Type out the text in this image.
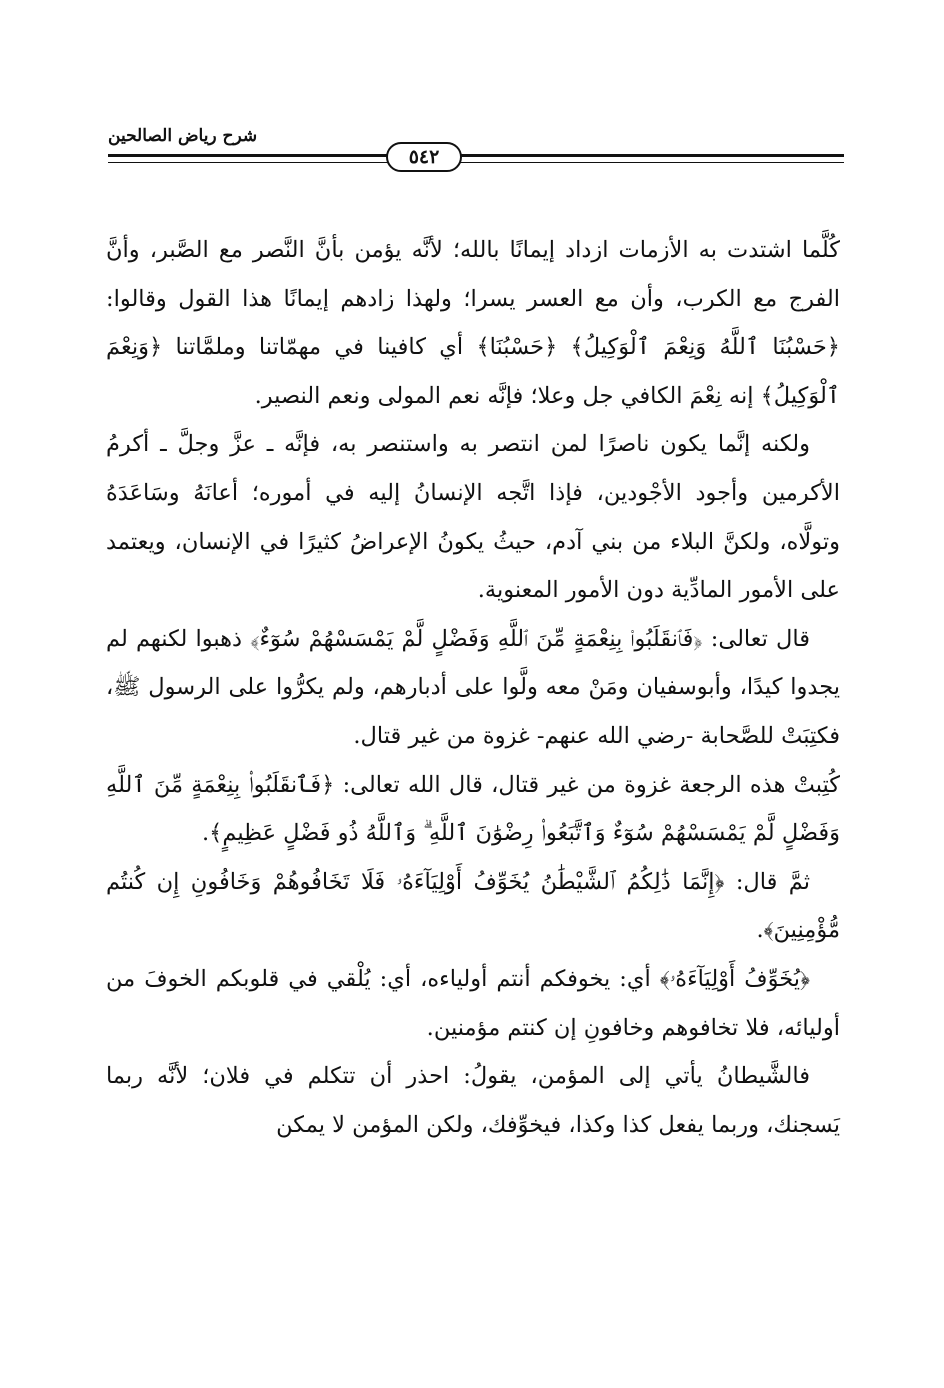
شرح رياض الصالحين
٥٤٢

كُلَّما اشتدت به الأزمات ازداد إيمانًا بالله؛ لأنَّه يؤمن بأنَّ النَّصر مع الصَّبر، وأنَّ الفرج مع الكرب، وأن مع العسر يسرا؛ ولهذا زادهم إيمانًا هذا القول وقالوا: ﴿حَسْبُنَا ٱللَّهُ وَنِعْمَ ٱلْوَكِيلُ﴾ ﴿حَسْبُنَا﴾ أي كافينا في مهمّاتنا وملمَّاتنا ﴿وَنِعْمَ ٱلْوَكِيلُ﴾ إنه نِعْمَ الكافي جل وعلا؛ فإنَّه نعم المولى ونعم النصير.

ولكنه إنَّما يكون ناصرًا لمن انتصر به واستنصر به، فإنَّه ـ عزَّ وجلَّ ـ أكرمُ الأكرمين وأجود الأجْودين، فإذا اتَّجه الإنسانُ إليه في أموره؛ أعانَهُ وسَاعَدَهُ وتولَّاه، ولكنَّ البلاء من بني آدم، حيثُ يكونُ الإعراضُ كثيرًا في الإنسان، ويعتمد على الأمور المادِّية دون الأمور المعنوية.

قال تعالى: ﴿فَٱنقَلَبُوا۟ بِنِعْمَةٍ مِّنَ ٱللَّهِ وَفَضْلٍ لَّمْ يَمْسَسْهُمْ سُوٓءٌ﴾ ذهبوا لكنهم لم يجدوا كيدًا، وأبوسفيان ومَنْ معه ولَّوا على أدبارهم، ولم يكرُّوا على الرسول ﷺ، فكتِبَتْ للصَّحابة -رضي الله عنهم- غزوة من غير قتال.

كُتِبتْ هذه الرجعة غزوة من غير قتال، قال الله تعالى: ﴿فَٱنقَلَبُوا۟ بِنِعْمَةٍ مِّنَ ٱللَّهِ وَفَضْلٍ لَّمْ يَمْسَسْهُمْ سُوٓءٌ وَٱتَّبَعُوا۟ رِضْوَٰنَ ٱللَّهِ ۗ وَٱللَّهُ ذُو فَضْلٍ عَظِيمٍ﴾.

ثمَّ قال: ﴿إِنَّمَا ذَٰلِكُمُ ٱلشَّيْطَٰنُ يُخَوِّفُ أَوْلِيَآءَهُۥ فَلَا تَخَافُوهُمْ وَخَافُونِ إِن كُنتُم مُّؤْمِنِينَ﴾.

﴿يُخَوِّفُ أَوْلِيَآءَهُۥ﴾ أي: يخوفكم أنتم أولياءه، أي: يُلْقي في قلوبكم الخوفَ من أوليائه، فلا تخافوهم وخافونِ إن كنتم مؤمنين.

فالشَّيطانُ يأتي إلى المؤمن، يقولُ: احذر أن تتكلم في فلان؛ لأنَّه ربما يَسجنك، وربما يفعل كذا وكذا، فيخوِّفك، ولكن المؤمن لا يمكن
